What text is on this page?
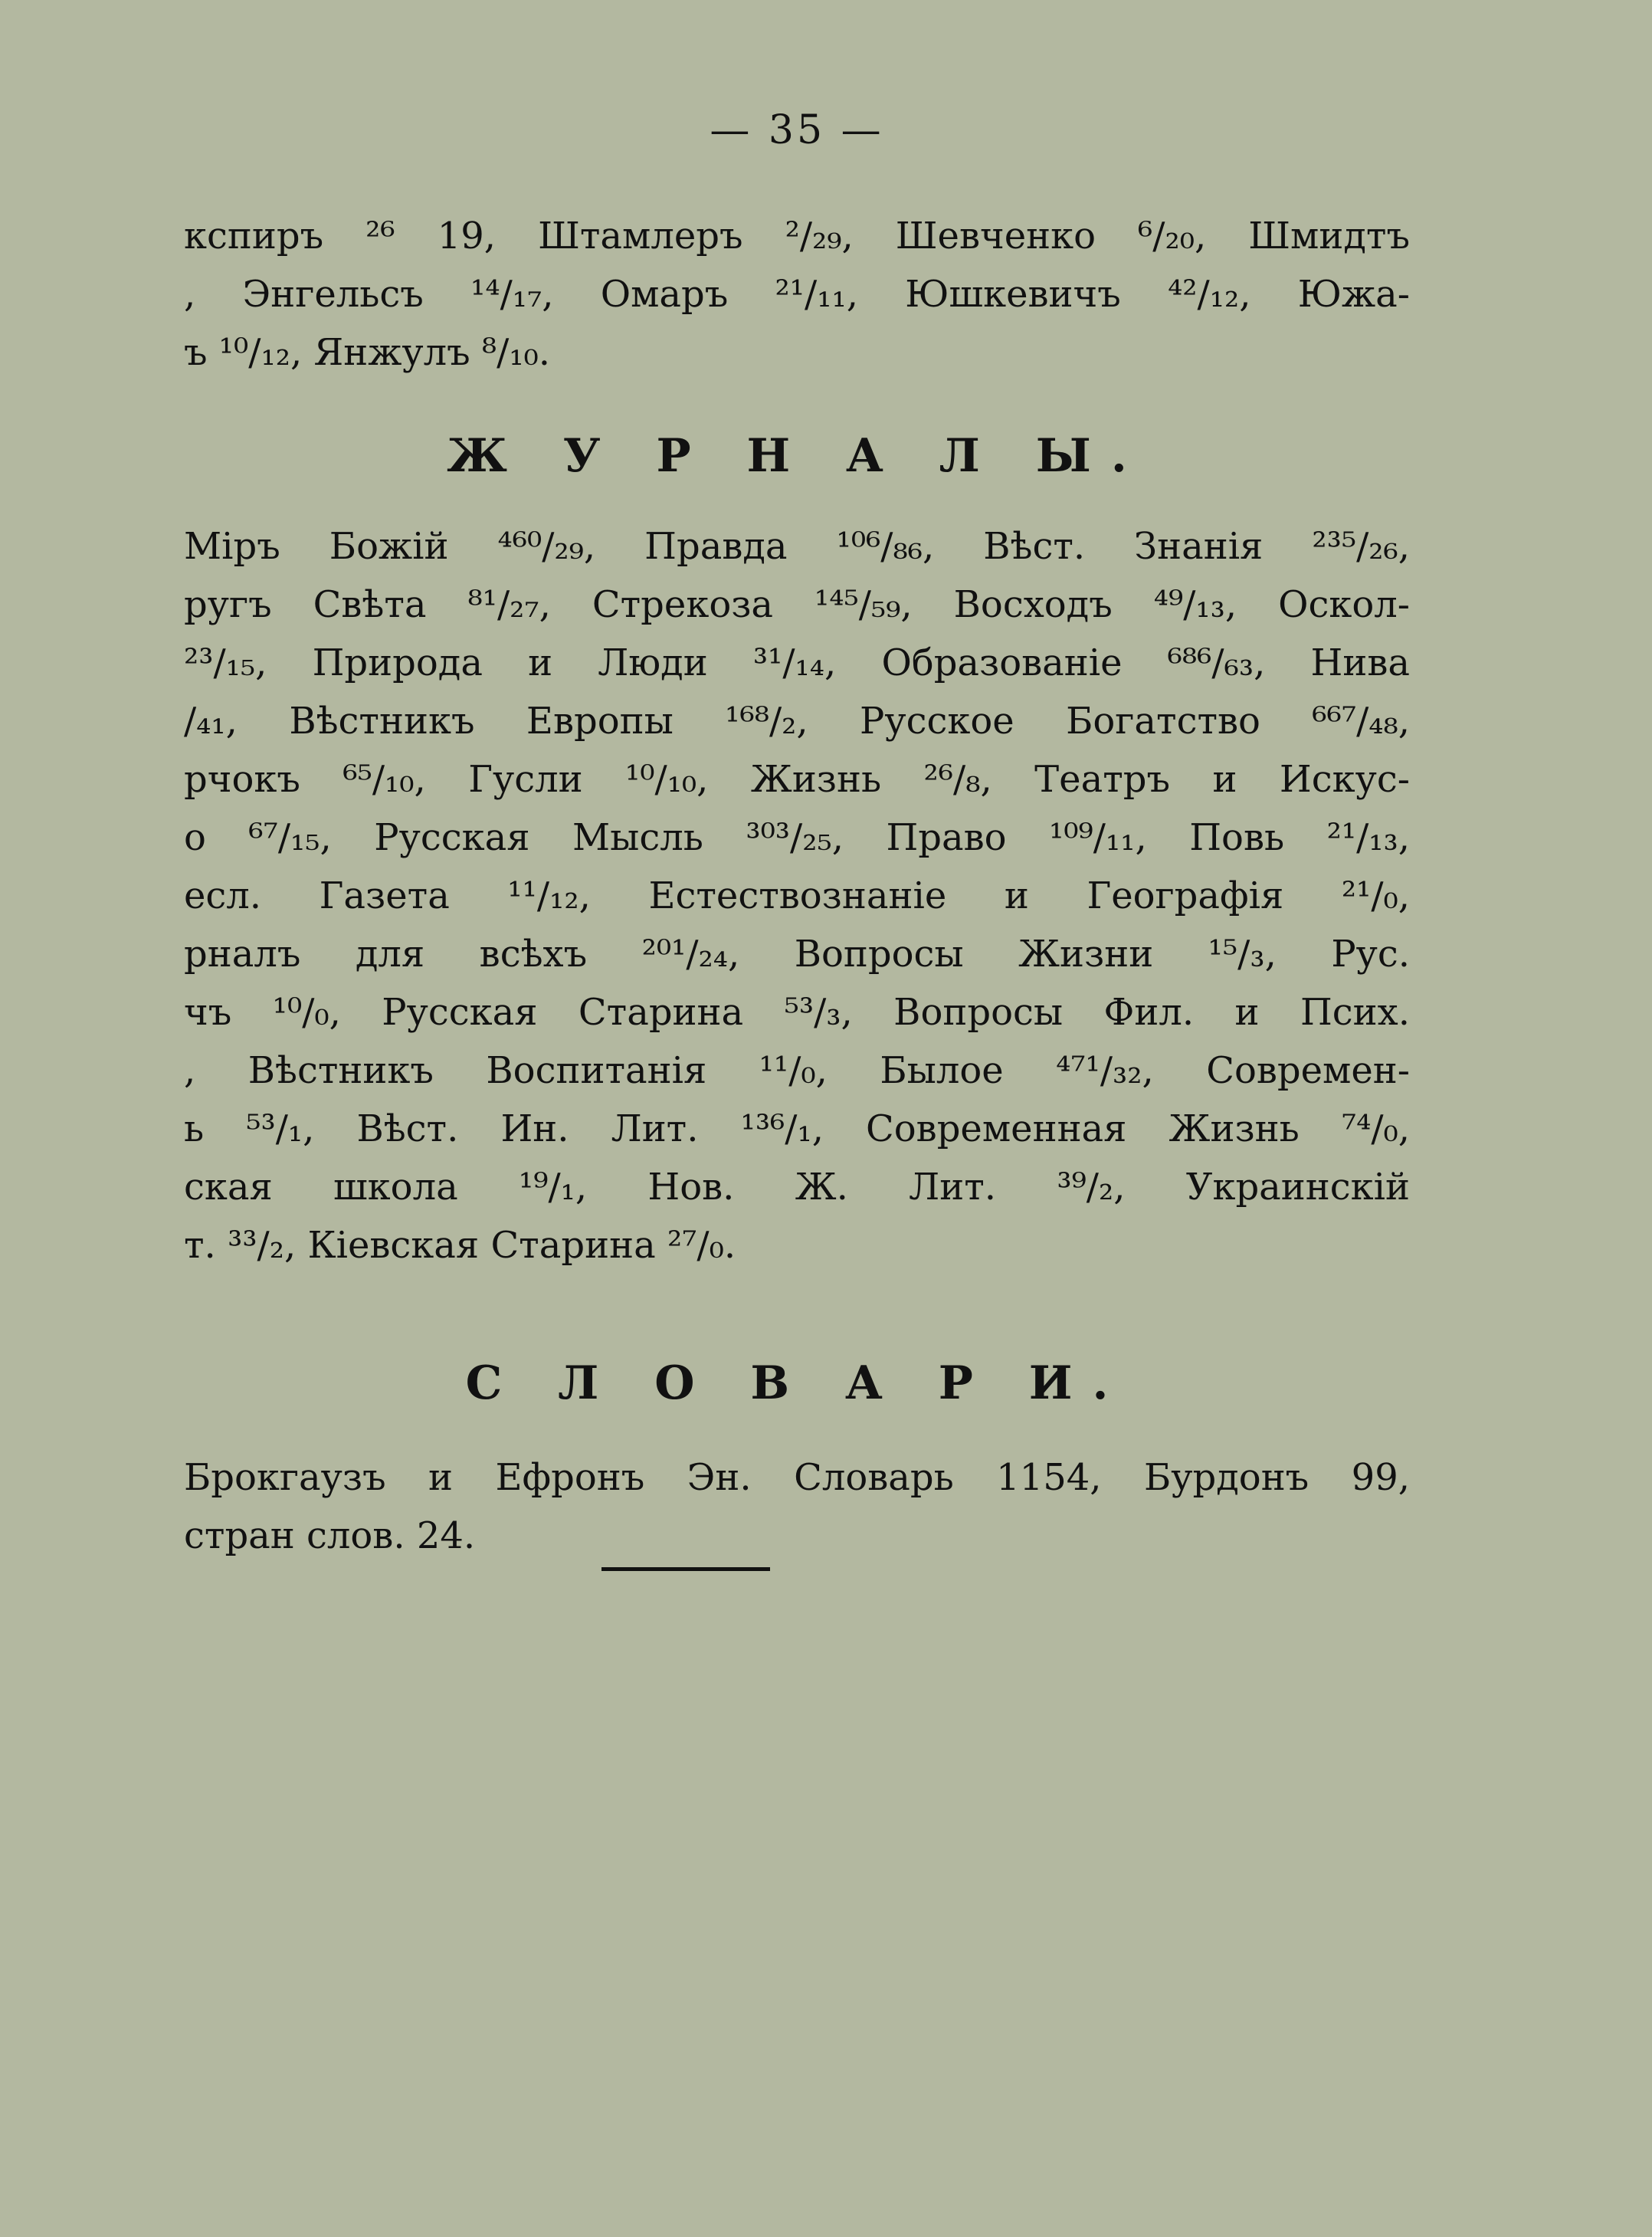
— 35 —
кспиръ ²⁶ 19, Штамлеръ ²/₂₉, Шевченко ⁶/₂₀, Шмидтъ
, Энгельсъ ¹⁴/₁₇, Омаръ ²¹/₁₁, Юшкевичъ ⁴²/₁₂, Южа-
ъ ¹⁰/₁₂, Янжулъ ⁸/₁₀.
Ж У Р Н А Л Ы.
Міръ Божій ⁴⁶⁰/₂₉, Правда ¹⁰⁶/₈₆, Вѣст. Знанія ²³⁵/₂₆,
ругъ Свѣта ⁸¹/₂₇, Стрекоза ¹⁴⁵/₅₉, Восходъ ⁴⁹/₁₃, Оскол-
²³/₁₅, Природа и Люди ³¹/₁₄, Образованіе ⁶⁸⁶/₆₃, Нива
/₄₁, Вѣстникъ Европы ¹⁶⁸/₂, Русское Богатство ⁶⁶⁷/₄₈,
рчокъ ⁶⁵/₁₀, Гусли ¹⁰/₁₀, Жизнь ²⁶/₈, Театръ и Искус-
о ⁶⁷/₁₅, Русская Мысль ³⁰³/₂₅, Право ¹⁰⁹/₁₁, Повь ²¹/₁₃,
есл. Газета ¹¹/₁₂, Естествознаніе и Географія ²¹/₀,
рналъ для всѣхъ ²⁰¹/₂₄, Вопросы Жизни ¹⁵/₃, Рус.
чъ ¹⁰/₀, Русская Старина ⁵³/₃, Вопросы Фил. и Псих.
, Вѣстникъ Воспитанія ¹¹/₀, Былое ⁴⁷¹/₃₂, Современ-
ь ⁵³/₁, Вѣст. Ин. Лит. ¹³⁶/₁, Современная Жизнь ⁷⁴/₀,
ская школа ¹⁹/₁, Нов. Ж. Лит. ³⁹/₂, Украинскій
т. ³³/₂, Кіевская Старина ²⁷/₀.
С Л О В А Р И.
Брокгаузъ и Ефронъ Эн. Словарь 1154, Бурдонъ 99,
стран слов. 24.
